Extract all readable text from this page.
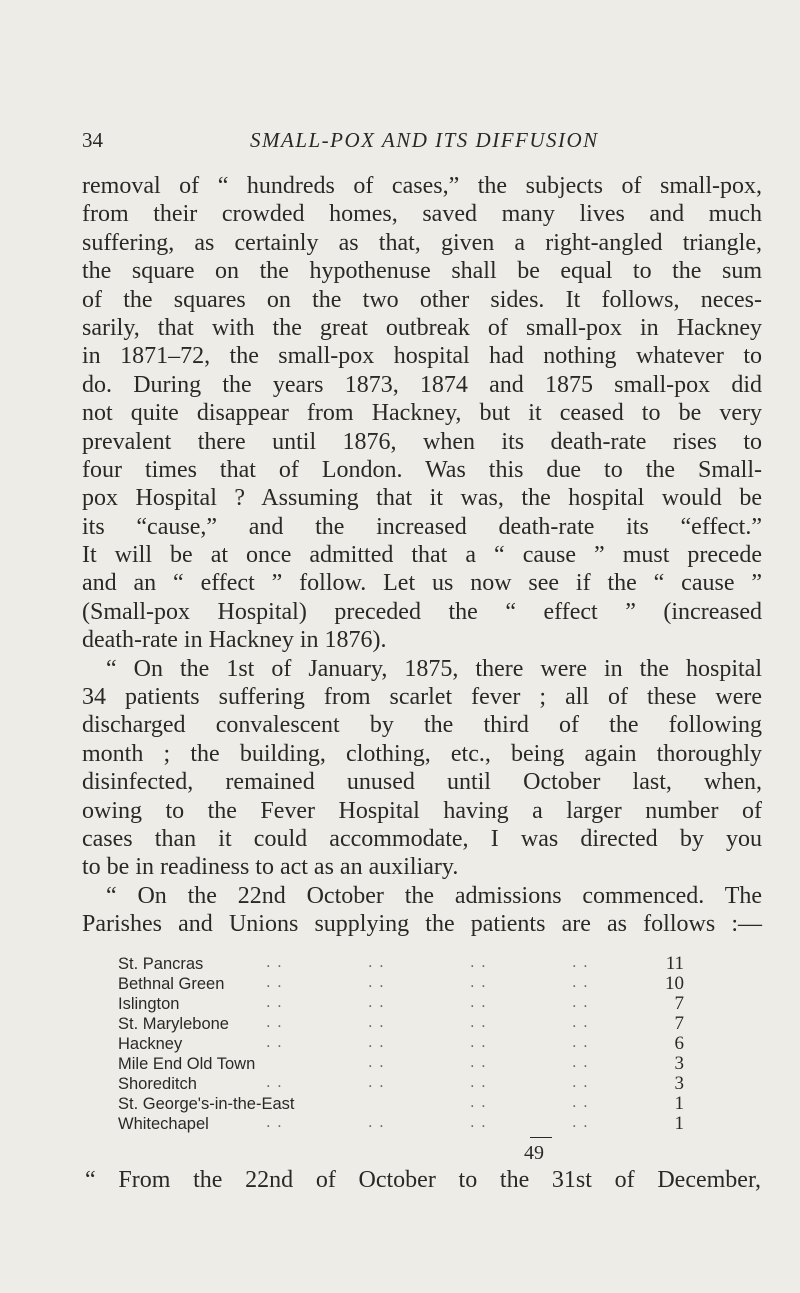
34	SMALL-POX AND ITS DIFFUSION
removal of “ hundreds of cases,” the subjects of small-pox,
from their crowded homes, saved many lives and much
suffering, as certainly as that, given a right-angled triangle,
the square on the hypothenuse shall be equal to the sum
of the squares on the two other sides. It follows, neces-
sarily, that with the great outbreak of small-pox in Hackney
in 1871–72, the small-pox hospital had nothing whatever to
do. During the years 1873, 1874 and 1875 small-pox did
not quite disappear from Hackney, but it ceased to be very
prevalent there until 1876, when its death-rate rises to
four times that of London. Was this due to the Small-
pox Hospital ? Assuming that it was, the hospital would be
its “cause,” and the increased death-rate its “effect.”
It will be at once admitted that a “ cause ” must precede
and an “ effect ” follow. Let us now see if the “ cause ”
(Small-pox Hospital) preceded the “ effect ” (increased
death-rate in Hackney in 1876).
“ On the 1st of January, 1875, there were in the hospital
34 patients suffering from scarlet fever ; all of these were
discharged convalescent by the third of the following
month ; the building, clothing, etc., being again thoroughly
disinfected, remained unused until October last, when,
owing to the Fever Hospital having a larger number of
cases than it could accommodate, I was directed by you
to be in readiness to act as an auxiliary.
“ On the 22nd October the admissions commenced. The
Parishes and Unions supplying the patients are as follows :—
St. Pancras	. .	. .	. .	. .	11
Bethnal Green	. .	. .	. .	. .	10
Islington	. .	. .	. .	. .	7
St. Marylebone . .	. .	. .	. .	7
Hackney	. .	. .	. .	. .	6
Mile End Old Town	. .	. .	. .	3
Shoreditch	. .	. .	. .	. .	3
St. George's-in-the-East	. .	. .	1
Whitechapel	. .	. .	. .	. .	1
49
“ From the 22nd of October to the 31st of December,
